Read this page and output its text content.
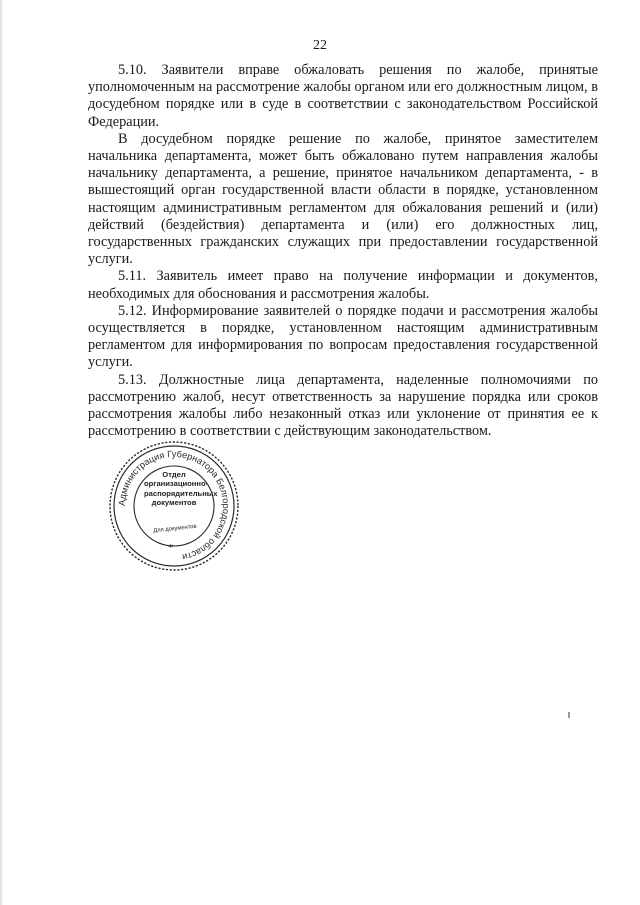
22

5.10. Заявители вправе обжаловать решения по жалобе, принятые уполномоченным на рассмотрение жалобы органом или его должностным лицом, в досудебном порядке или в суде в соответствии с законодательством Российской Федерации.

В досудебном порядке решение по жалобе, принятое заместителем начальника департамента, может быть обжаловано путем направления жалобы начальнику департамента, а решение, принятое начальником департамента, - в вышестоящий орган государственной власти области в порядке, установленном настоящим административным регламентом для обжалования решений и (или) действий (бездействия) департамента и (или) его должностных лиц, государственных гражданских служащих при предоставлении государственной услуги.

5.11. Заявитель имеет право на получение информации и документов, необходимых для обоснования и рассмотрения жалобы.

5.12. Информирование заявителей о порядке подачи и рассмотрения жалобы осуществляется в порядке, установленном настоящим административным регламентом для информирования по вопросам предоставления государственной услуги.

5.13. Должностные лица департамента, наделенные полномочиями по рассмотрению жалоб, несут ответственность за нарушение порядка или сроков рассмотрения жалобы либо незаконный отказ или уклонение от принятия ее к рассмотрению в соответствии с действующим законодательством.

Администрация Губернатора Белгородской области
Отдел
организационно-
распорядительных
документов
Для документов
*
